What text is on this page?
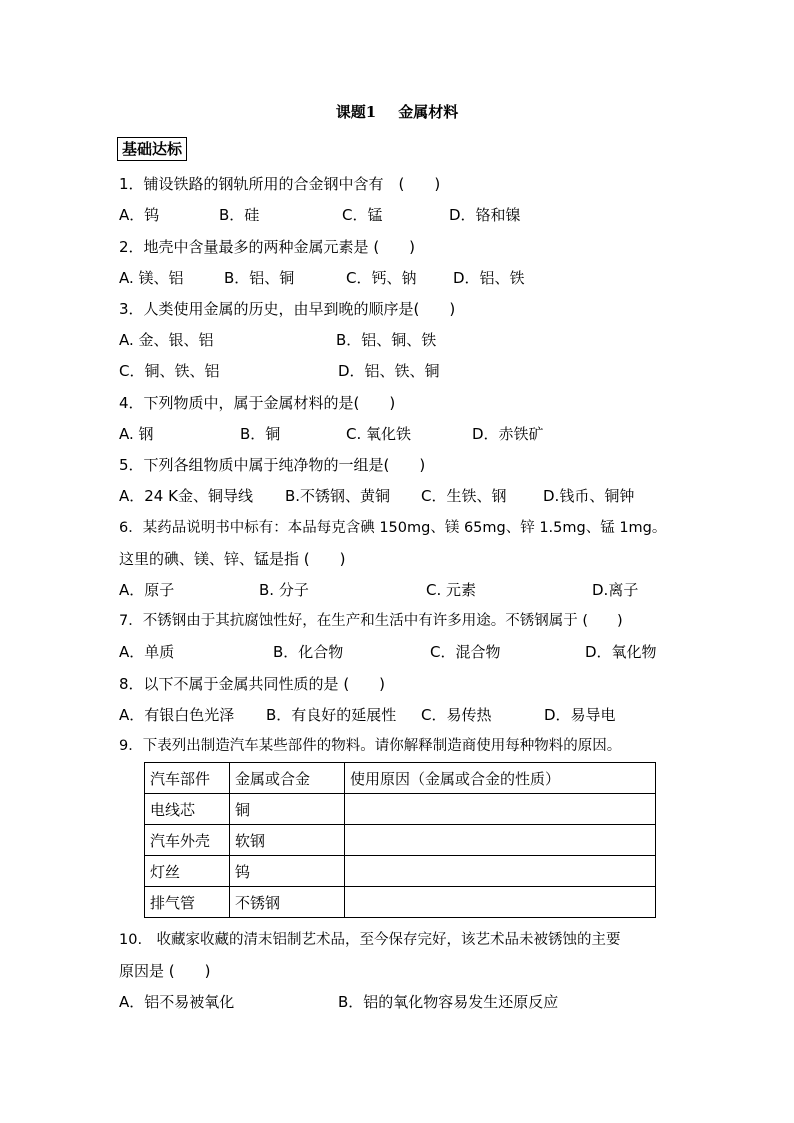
课题1 金属材料
基础达标
1．铺设铁路的钢轨所用的合金钢中含有　(　　)
A．钨	B．硅	C．锰	D．铬和镍
2．地壳中含量最多的两种金属元素是 (　　)
A. 镁、铝	B．铝、铜	C．钙、钠 D．铝、铁
3．人类使用金属的历史，由早到晚的顺序是(　　)
A. 金、银、铝	B．铝、铜、铁
C．铜、铁、铝	D．铝、铁、铜
4．下列物质中，属于金属材料的是(　　)
A. 钢	B．铜	C. 氧化铁	D．赤铁矿
5．下列各组物质中属于纯净物的一组是(　　)
A．24 K金、铜导线 B.不锈钢、黄铜 C．生铁、钢 D.钱币、铜钟
6．某药品说明书中标有：本品每克含碘 150mg、镁 65mg、锌 1.5mg、锰 1mg。
这里的碘、镁、锌、锰是指 (　　)
A．原子	B. 分子	C. 元素	D.离子
7．不锈钢由于其抗腐蚀性好，在生产和生活中有许多用途。不锈钢属于 (　　)
A．单质	B．化合物	C．混合物	D．氧化物
8．以下不属于金属共同性质的是 (　　)
A．有银白色光泽 B．有良好的延展性 C．易传热	D．易导电
9．下表列出制造汽车某些部件的物料。请你解释制造商使用每种物料的原因。
汽车部件	金属或合金	使用原因（金属或合金的性质）
电线芯	铜	
汽车外壳	软钢	
灯丝	钨	
排气管	不锈钢	
10.　收藏家收藏的清末铝制艺术品，至今保存完好，该艺术品未被锈蚀的主要
原因是 (　　)
A．铝不易被氧化	B．铝的氧化物容易发生还原反应
